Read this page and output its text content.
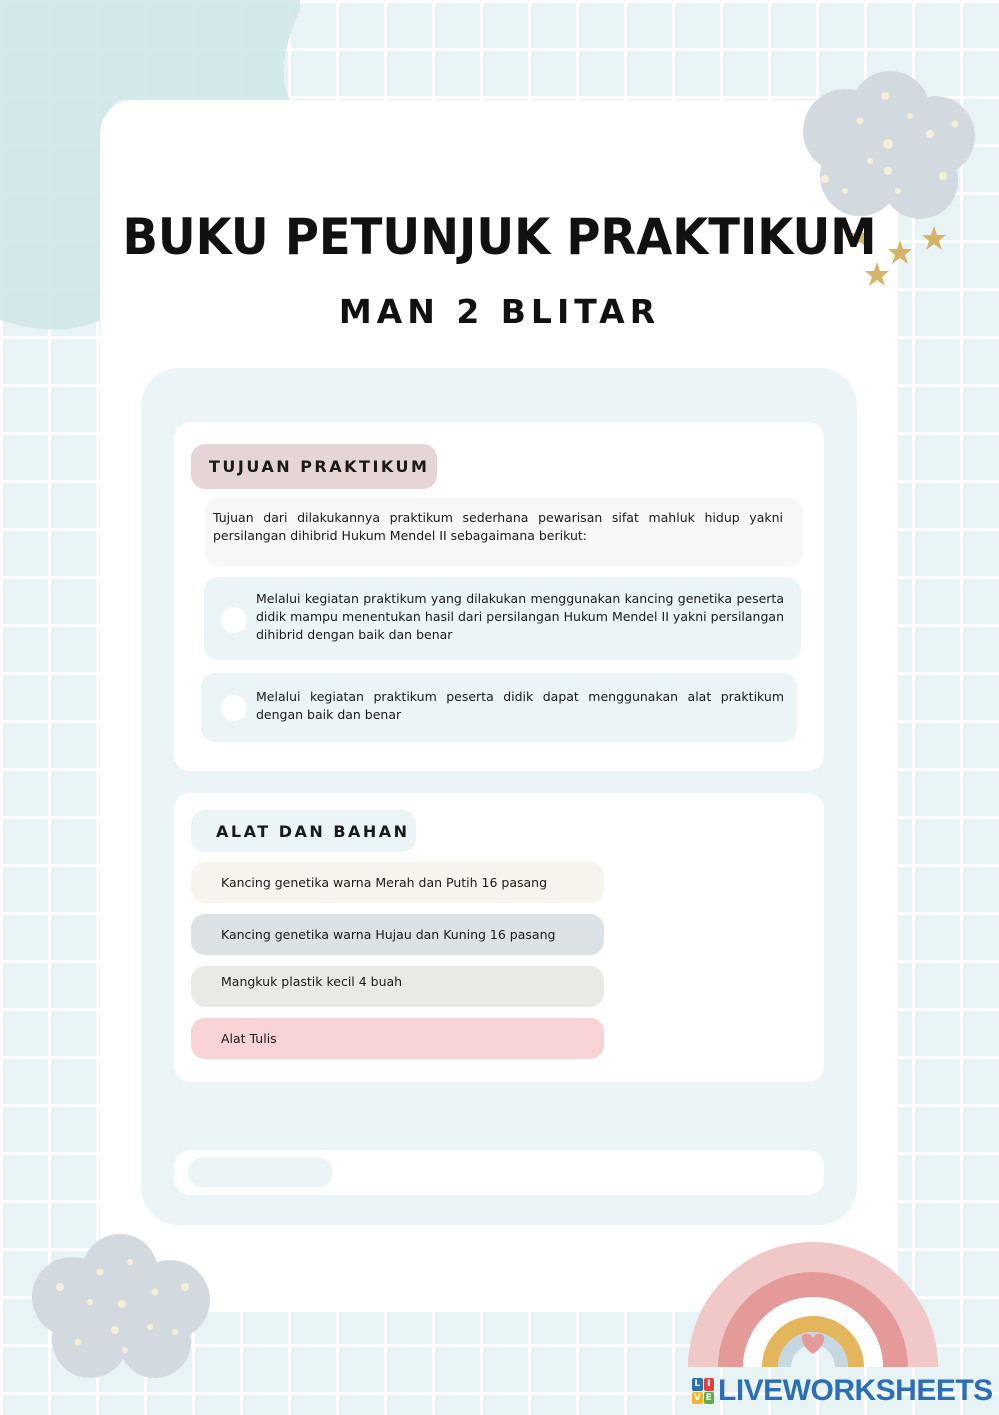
BUKU PETUNJUK PRAKTIKUM
MAN 2 BLITAR
TUJUAN PRAKTIKUM
Tujuan dari dilakukannya praktikum sederhana pewarisan sifat mahluk hidup yakni persilangan dihibrid Hukum Mendel II sebagaimana berikut:
Melalui kegiatan praktikum yang dilakukan menggunakan kancing genetika peserta didik mampu menentukan hasil dari persilangan Hukum Mendel II yakni persilangan dihibrid dengan baik dan benar
Melalui kegiatan praktikum peserta didik dapat menggunakan alat praktikum dengan baik dan benar
ALAT DAN BAHAN
Kancing genetika warna Merah dan Putih 16 pasang
Kancing genetika warna Hujau dan Kuning 16 pasang
Mangkuk plastik kecil 4 buah
Alat Tulis
L I
V E LIVEWORKSHEETS
